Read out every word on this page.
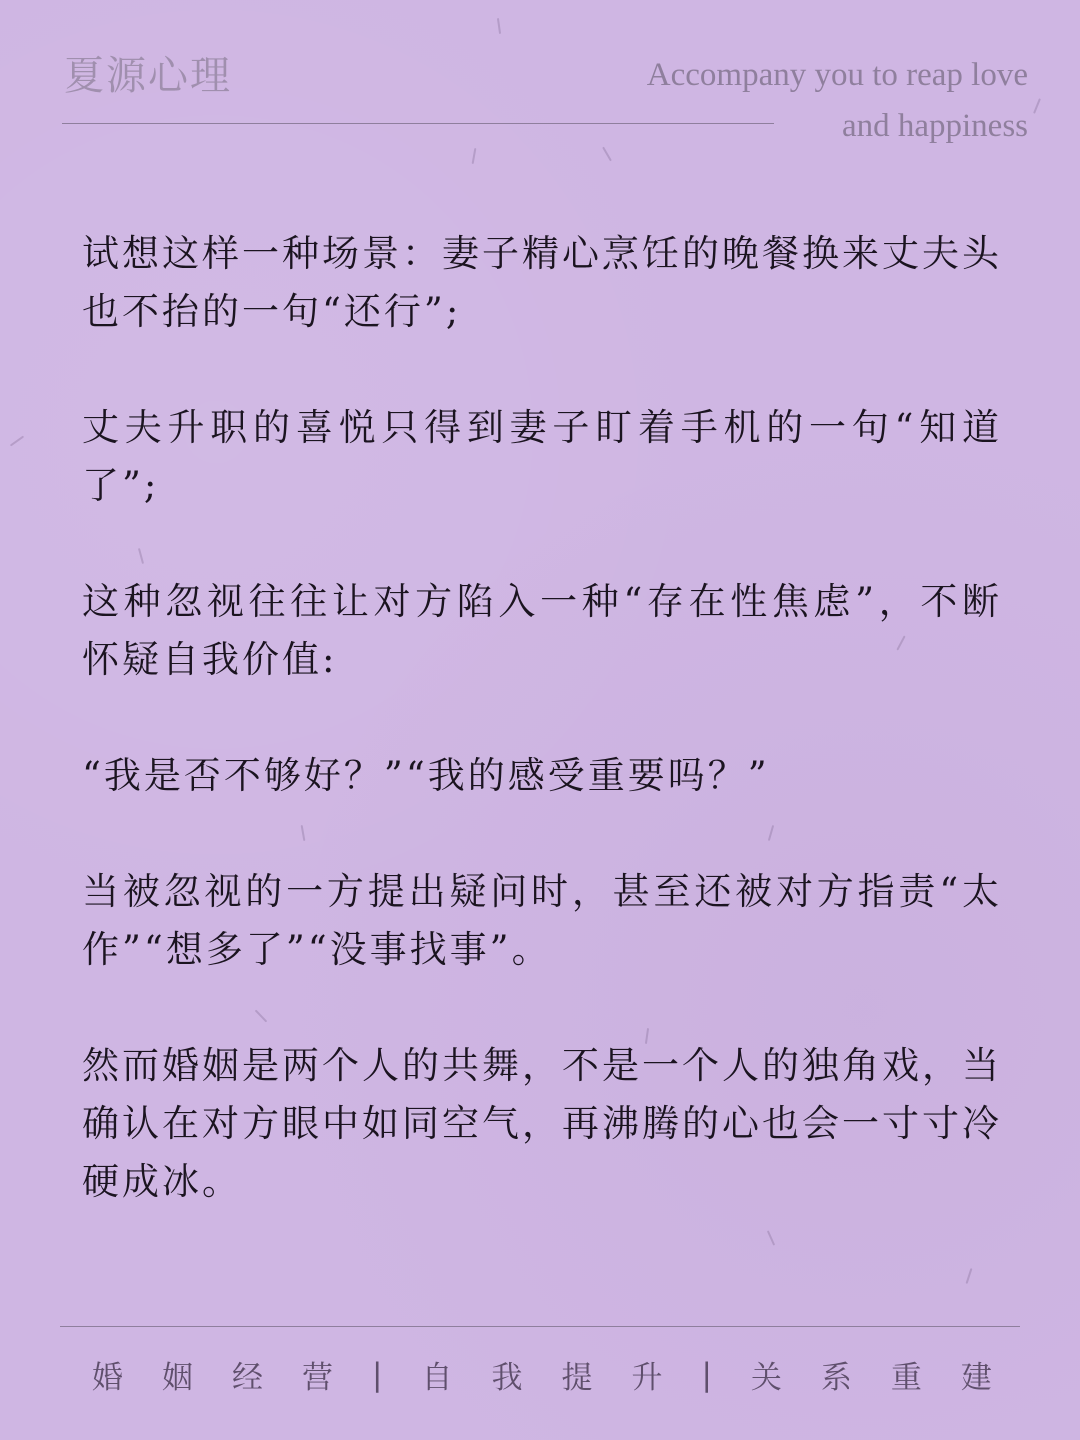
夏源心理	Accompany you to reap love
and happiness

试想这样一种场景：妻子精心烹饪的晚餐换来丈夫头也不抬的一句“还行”;

丈夫升职的喜悦只得到妻子盯着手机的一句“知道了”;

这种忽视往往让对方陷入一种“存在性焦虑”，不断怀疑自我价值:

“我是否不够好？”“我的感受重要吗？”

当被忽视的一方提出疑问时，甚至还被对方指责“太作”“想多了”“没事找事”。

然而婚姻是两个人的共舞，不是一个人的独角戏，当确认在对方眼中如同空气，再沸腾的心也会一寸寸冷硬成冰。

婚 姻 经 营 | 自 我 提 升 | 关 系 重 建
